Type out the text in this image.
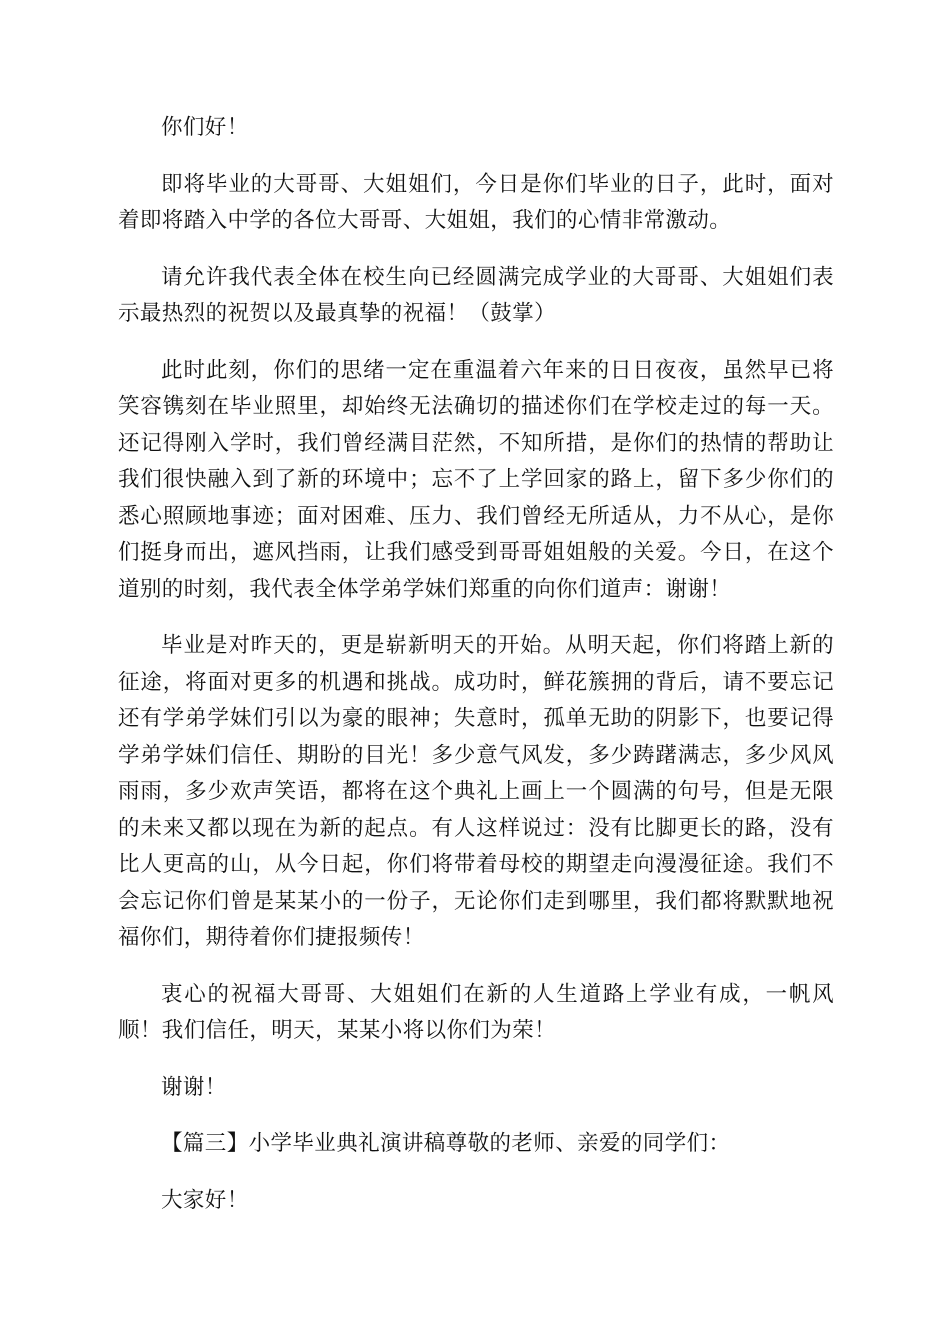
你们好！

即将毕业的大哥哥、大姐姐们，今日是你们毕业的日子，此时，面对着即将踏入中学的各位大哥哥、大姐姐，我们的心情非常激动。

请允许我代表全体在校生向已经圆满完成学业的大哥哥、大姐姐们表示最热烈的祝贺以及最真挚的祝福！（鼓掌）

此时此刻，你们的思绪一定在重温着六年来的日日夜夜，虽然早已将笑容镌刻在毕业照里，却始终无法确切的描述你们在学校走过的每一天。还记得刚入学时，我们曾经满目茫然，不知所措，是你们的热情的帮助让我们很快融入到了新的环境中；忘不了上学回家的路上，留下多少你们的悉心照顾地事迹；面对困难、压力、我们曾经无所适从，力不从心，是你们挺身而出，遮风挡雨，让我们感受到哥哥姐姐般的关爱。今日，在这个道别的时刻，我代表全体学弟学妹们郑重的向你们道声：谢谢！

毕业是对昨天的，更是崭新明天的开始。从明天起，你们将踏上新的征途，将面对更多的机遇和挑战。成功时，鲜花簇拥的背后，请不要忘记还有学弟学妹们引以为豪的眼神；失意时，孤单无助的阴影下，也要记得学弟学妹们信任、期盼的目光！多少意气风发，多少踌躇满志，多少风风雨雨，多少欢声笑语，都将在这个典礼上画上一个圆满的句号，但是无限的未来又都以现在为新的起点。有人这样说过：没有比脚更长的路，没有比人更高的山，从今日起，你们将带着母校的期望走向漫漫征途。我们不会忘记你们曾是某某小的一份子，无论你们走到哪里，我们都将默默地祝福你们，期待着你们捷报频传！

衷心的祝福大哥哥、大姐姐们在新的人生道路上学业有成，一帆风顺！我们信任，明天，某某小将以你们为荣！

谢谢！

【篇三】小学毕业典礼演讲稿尊敬的老师、亲爱的同学们：

大家好！
